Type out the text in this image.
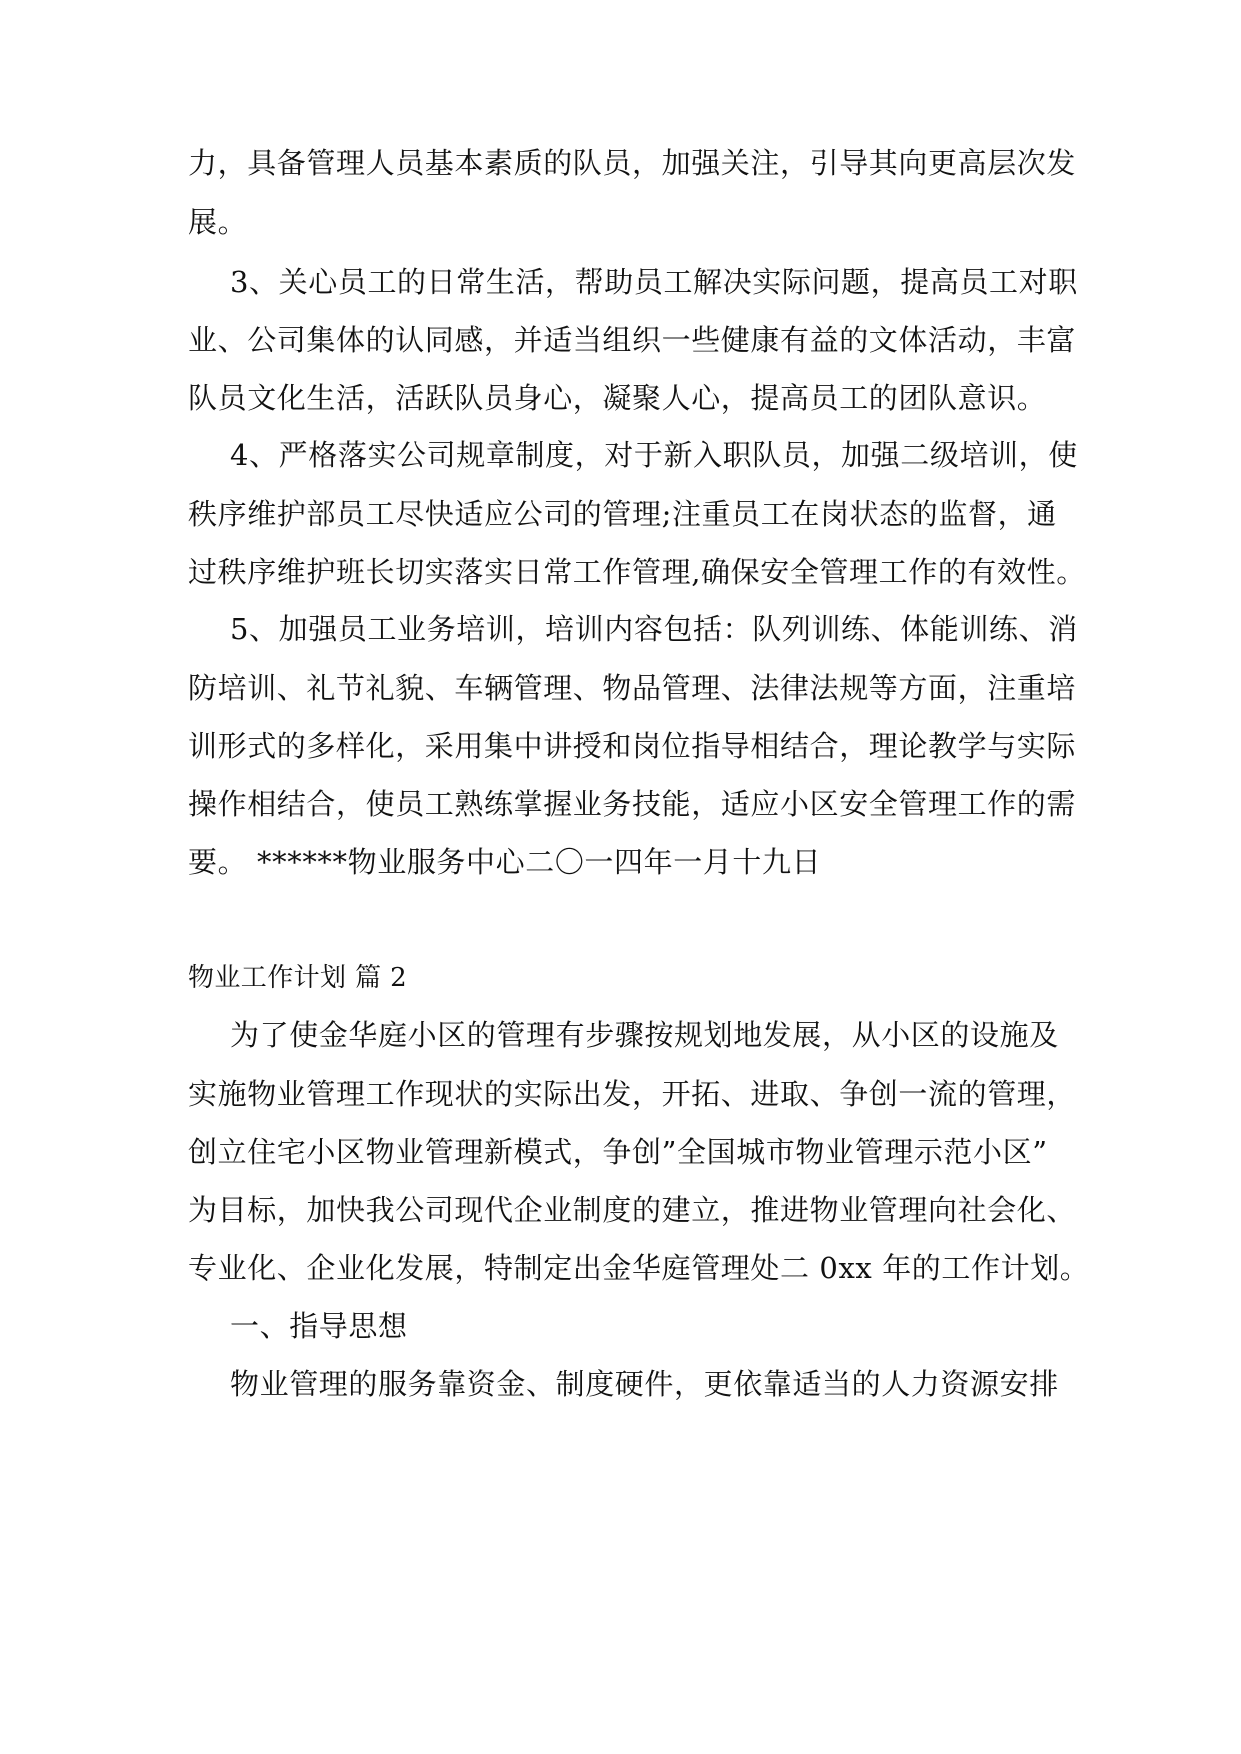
力，具备管理人员基本素质的队员，加强关注，引导其向更高层次发
展。
3、关心员工的日常生活，帮助员工解决实际问题，提高员工对职
业、公司集体的认同感，并适当组织一些健康有益的文体活动，丰富
队员文化生活，活跃队员身心，凝聚人心，提高员工的团队意识。
4、严格落实公司规章制度，对于新入职队员，加强二级培训，使
秩序维护部员工尽快适应公司的管理;注重员工在岗状态的监督，通
过秩序维护班长切实落实日常工作管理,确保安全管理工作的有效性。
5、加强员工业务培训，培训内容包括：队列训练、体能训练、消
防培训、礼节礼貌、车辆管理、物品管理、法律法规等方面，注重培
训形式的多样化，采用集中讲授和岗位指导相结合，理论教学与实际
操作相结合，使员工熟练掌握业务技能，适应小区安全管理工作的需
要。 ******物业服务中心二〇一四年一月十九日
物业工作计划 篇 2
为了使金华庭小区的管理有步骤按规划地发展，从小区的设施及
实施物业管理工作现状的实际出发，开拓、进取、争创一流的管理，
创立住宅小区物业管理新模式，争创”全国城市物业管理示范小区”
为目标，加快我公司现代企业制度的建立，推进物业管理向社会化、
专业化、企业化发展，特制定出金华庭管理处二 0xx 年的工作计划。
一、指导思想
物业管理的服务靠资金、制度硬件，更依靠适当的人力资源安排
